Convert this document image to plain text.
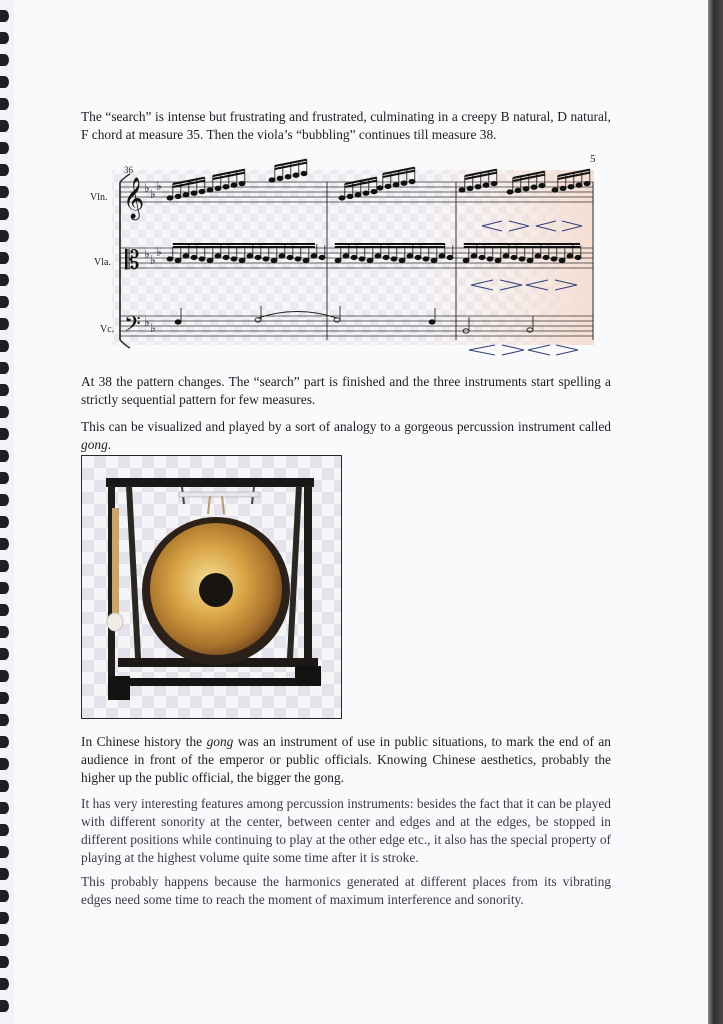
The “search” is intense but frustrating and frustrated, culminating in a creepy B natural, D natural, F chord at measure 35. Then the viola’s “bubbling” continues till measure 38.

5
36
Vln.
Vla.
Vc.
𝄞
𝄡
𝄢
♭ ♭
♭
♭ ♭
♭
♭ ♭

At 38 the pattern changes. The “search” part is finished and the three instruments start spelling a strictly sequential pattern for few measures.

This can be visualized and played by a sort of analogy to a gorgeous percussion instrument called gong.

In Chinese history the gong was an instrument of use in public situations, to mark the end of an audience in front of the emperor or public officials. Knowing Chinese aesthetics, probably the higher up the public official, the bigger the gong.

It has very interesting features among percussion instruments: besides the fact that it can be played with different sonority at the center, between center and edges and at the edges, be stopped in different positions while continuing to play at the other edge etc., it also has the special property of playing at the highest volume quite some time after it is stroke.

This probably happens because the harmonics generated at different places from its vibrating edges need some time to reach the moment of maximum interference and sonority.
